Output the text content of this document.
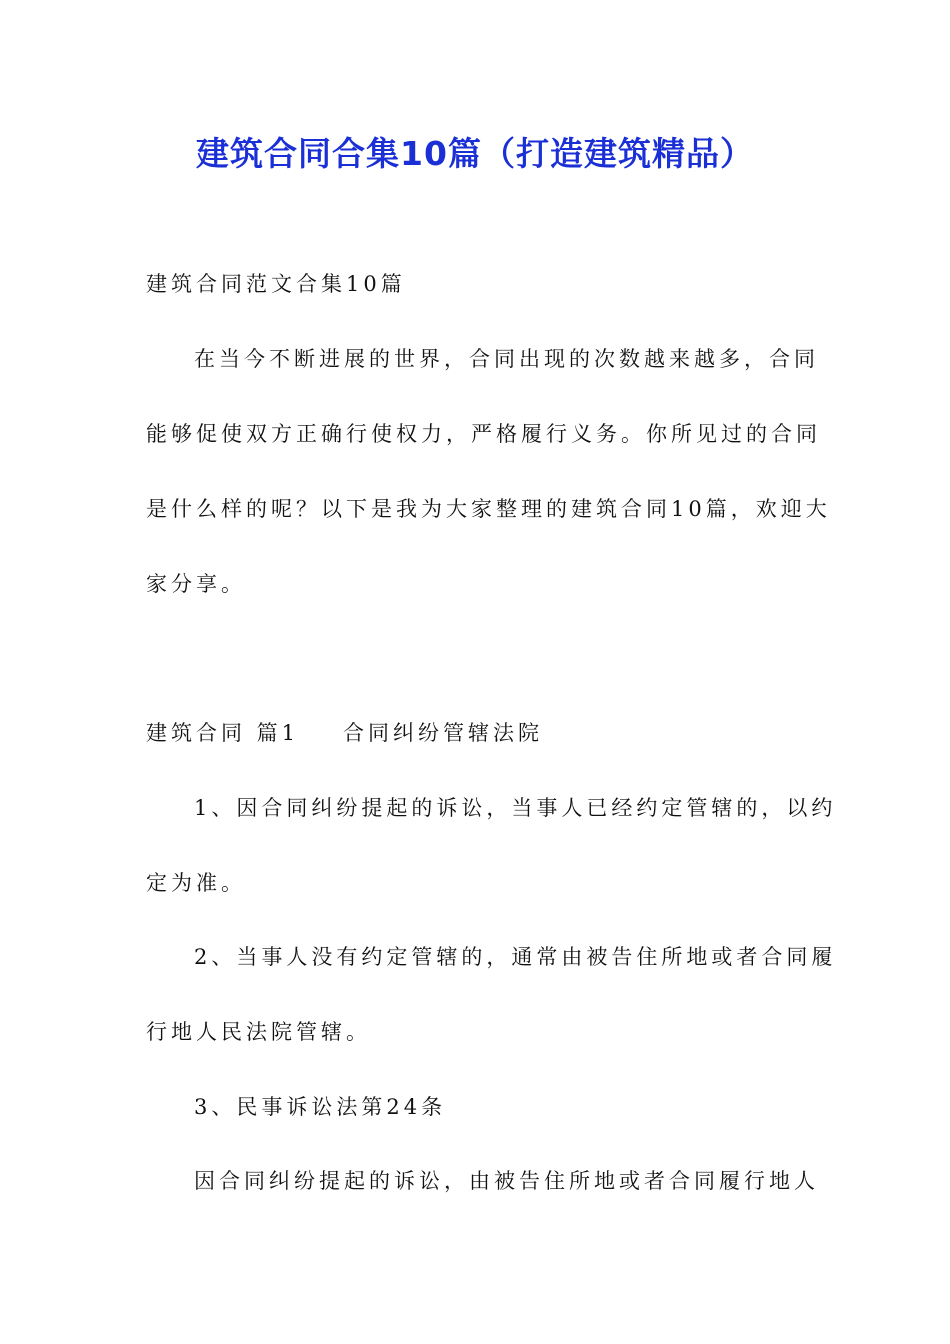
建筑合同合集10篇（打造建筑精品）
建筑合同范文合集10篇
在当今不断进展的世界，合同出现的次数越来越多，合同
能够促使双方正确行使权力，严格履行义务。你所见过的合同
是什么样的呢？以下是我为大家整理的建筑合同10篇，欢迎大
家分享。
建筑合同 篇1 合同纠纷管辖法院
1、因合同纠纷提起的诉讼，当事人已经约定管辖的，以约
定为准。
2、当事人没有约定管辖的，通常由被告住所地或者合同履
行地人民法院管辖。
3、民事诉讼法第24条
因合同纠纷提起的诉讼，由被告住所地或者合同履行地人
